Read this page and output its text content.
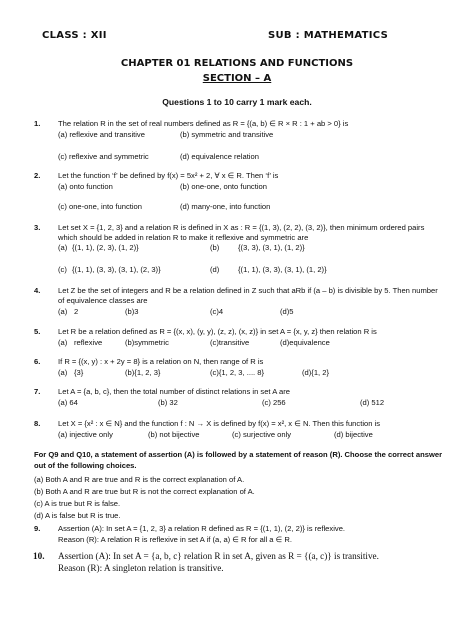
CLASS : XII	SUB : MATHEMATICS
CHAPTER 01 RELATIONS AND FUNCTIONS
SECTION – A
Questions 1 to 10 carry 1 mark each.
1. The relation R in the set of real numbers defined as R = {(a, b) ∈ R × R : 1 + ab > 0} is
(a) reflexive and transitive	(b) symmetric and transitive
(c) reflexive and symmetric	(d) equivalence relation
2. Let the function ‘f’ be defined by f(x) = 5x² + 2, ∀ x ∈ R. Then ‘f’ is
(a) onto function	(b) one-one, onto function
(c) one-one, into function	(d) many-one, into function
3. Let set X = {1, 2, 3} and a relation R is defined in X as : R = {(1, 3), (2, 2), (3, 2)}, then minimum ordered pairs
which should be added in relation R to make it reflexive and symmetric are
(a) {(1, 1), (2, 3), (1, 2)}	(b) {(3, 3), (3, 1), (1, 2)}
(c) {(1, 1), (3, 3), (3, 1), (2, 3)}	(d) {(1, 1), (3, 3), (3, 1), (1, 2)}
4. Let Z be the set of integers and R be a relation defined in Z such that aRb if (a – b) is divisible by 5. Then number
of equivalence classes are
(a) 2	(b)3	(c)4	(d)5
5. Let R be a relation defined as R = {(x, x), (y, y), (z, z), (x, z)} in set A = {x, y, z} then relation R is
(a) reflexive	(b)symmetric	(c)transitive	(d)equivalence
6. If R = {(x, y) : x + 2y = 8} is a relation on N, then range of R is
(a) {3}	(b){1, 2, 3}	(c){1, 2, 3, .... 8}	(d){1, 2}
7. Let A = {a, b, c}, then the total number of distinct relations in set A are
(a) 64	(b) 32	(c) 256	(d) 512
8. Let X = {x² : x ∈ N} and the function f : N → X is defined by f(x) = x², x ∈ N. Then this function is
(a) injective only	(b) not bijective	(c) surjective only	(d) bijective
For Q9 and Q10, a statement of assertion (A) is followed by a statement of reason (R). Choose the correct answer
out of the following choices.
(a) Both A and R are true and R is the correct explanation of A.
(b) Both A and R are true but R is not the correct explanation of A.
(c) A is true but R is false.
(d) A is false but R is true.
9. Assertion (A): In set A = {1, 2, 3} a relation R defined as R = {(1, 1), (2, 2)} is reflexive.
Reason (R): A relation R is reflexive in set A if (a, a) ∈ R for all a ∈ R.
10. Assertion (A): In set A = {a, b, c} relation R in set A, given as R = {(a, c)} is transitive.
Reason (R): A singleton relation is transitive.
